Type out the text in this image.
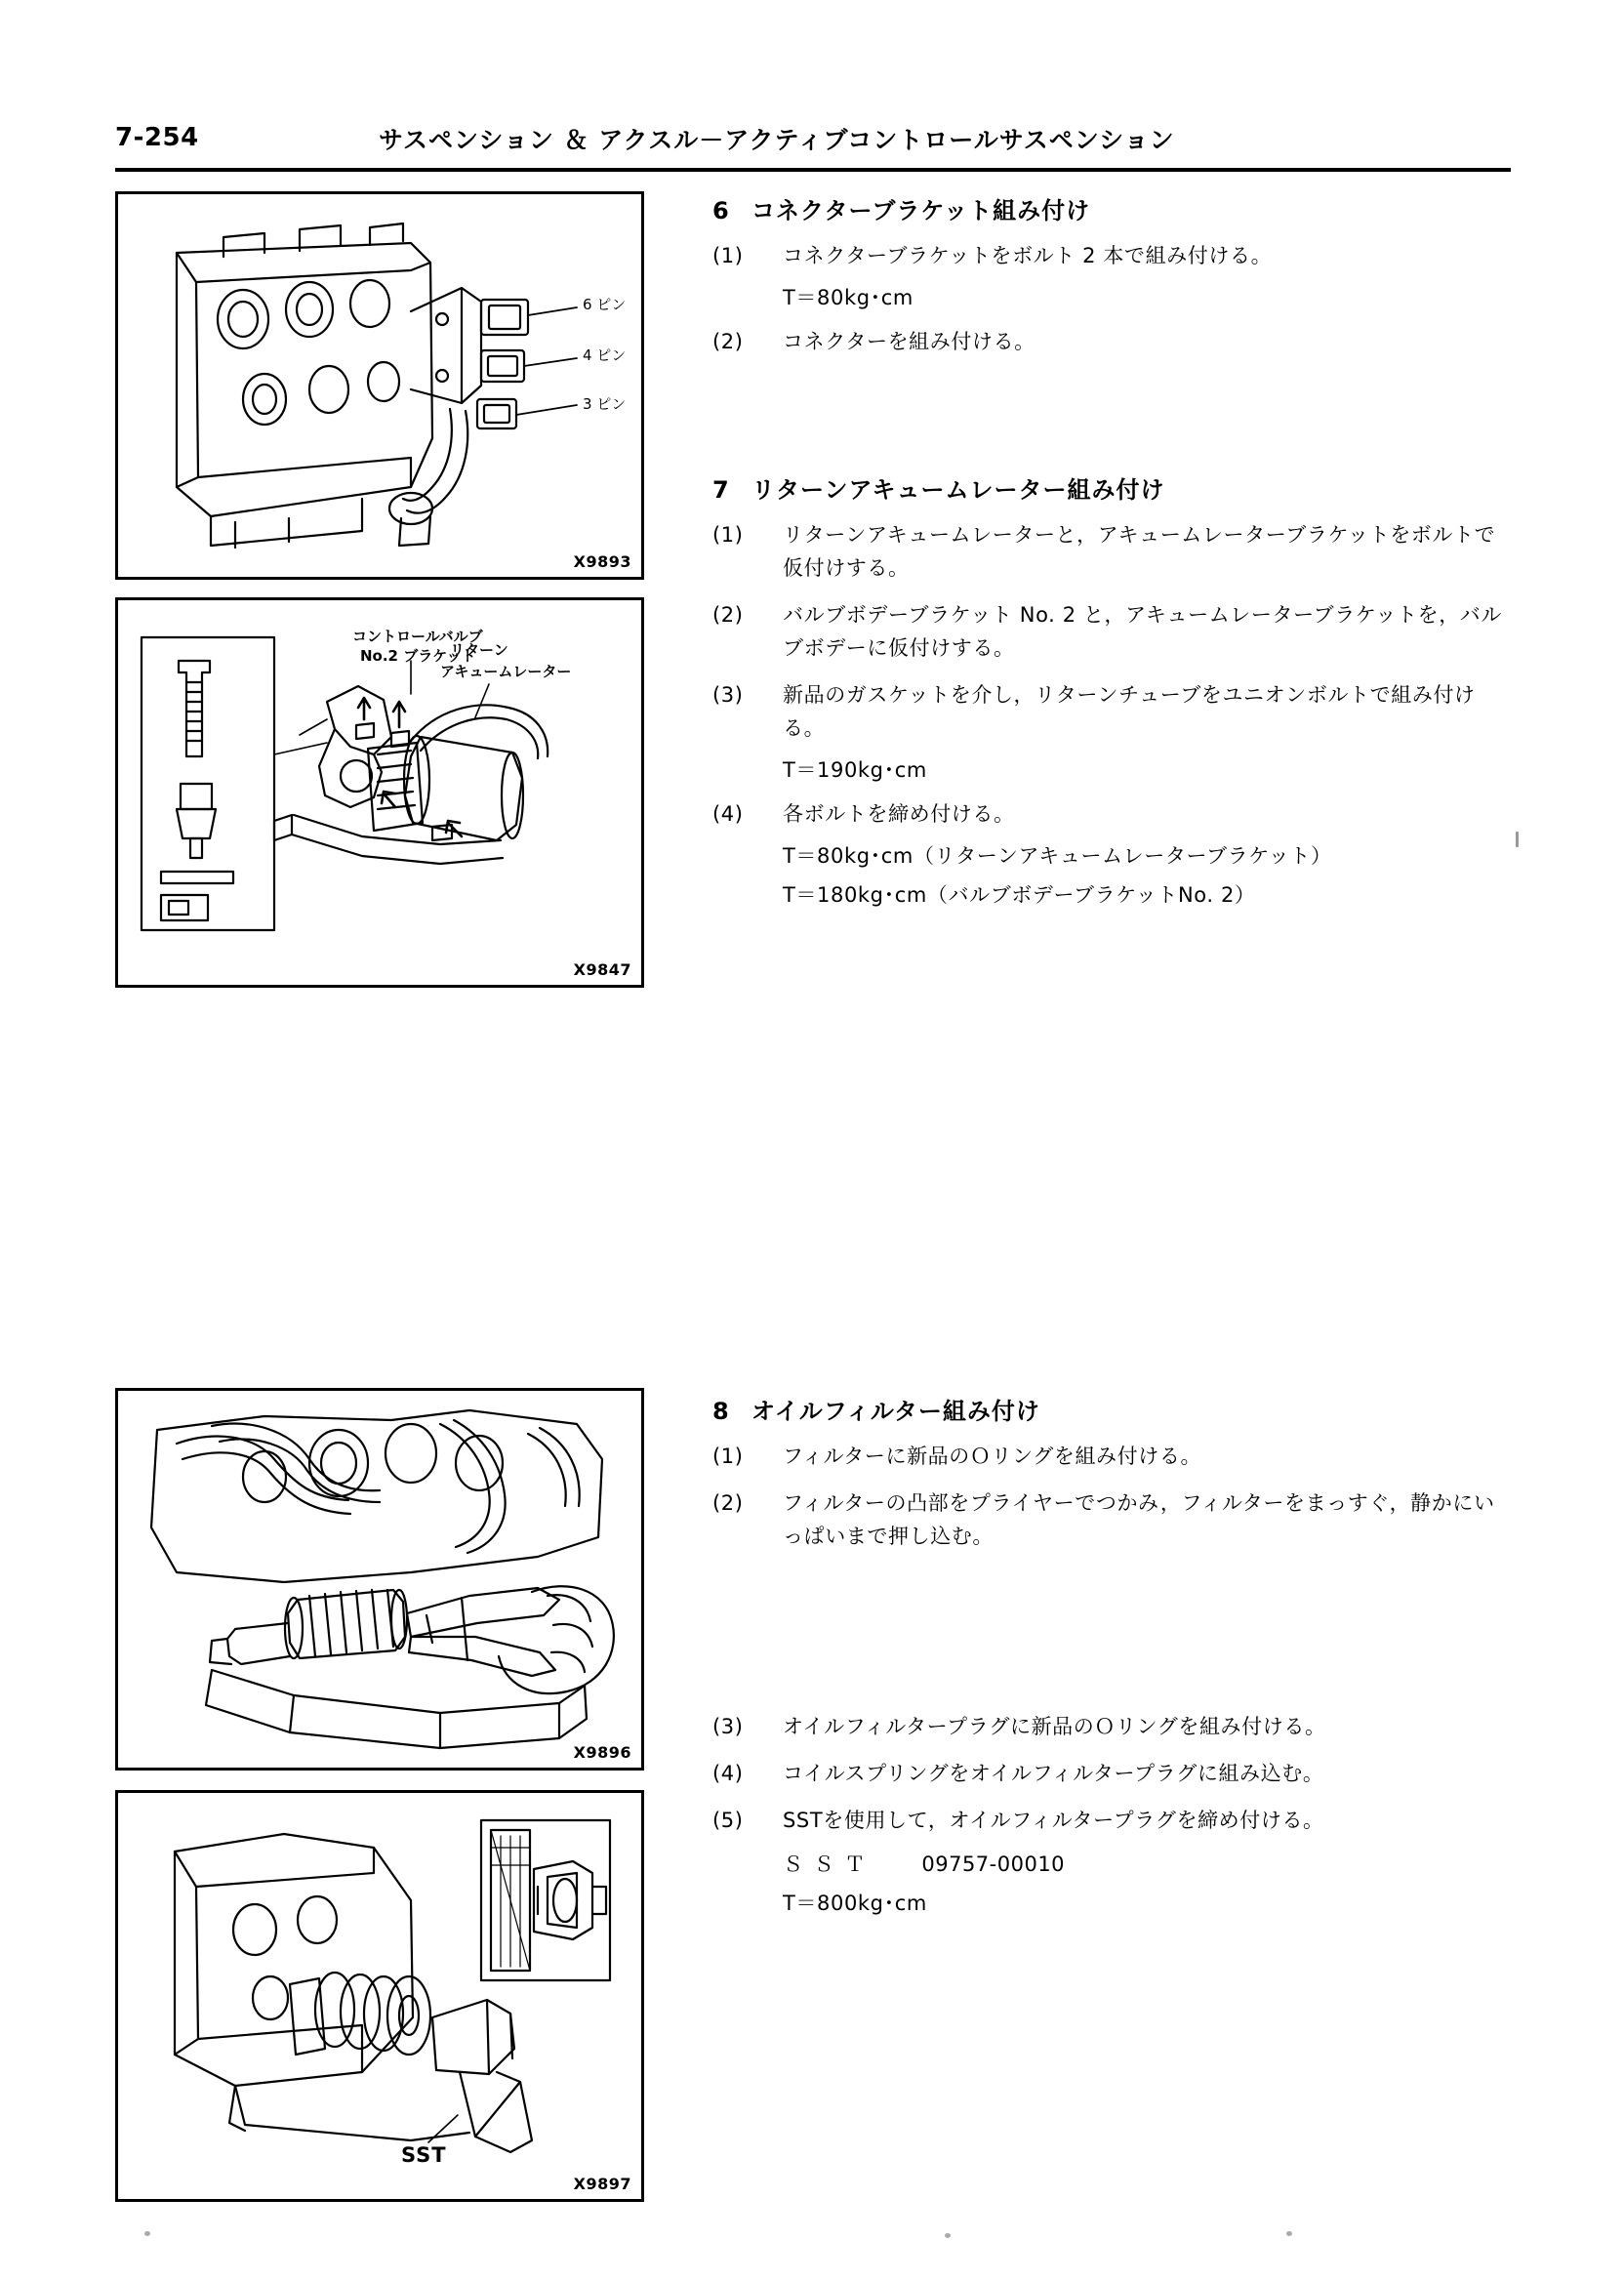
7-254	サスペンション ＆ アクスル－アクティブコントロールサスペンション
6 ピン
4 ピン
3 ピン
X9893
コントロールバルブ
No.2 ブラケット
リターン
アキュームレーター
X9847
X9896
SST
X9897
6 コネクターブラケット組み付け
(1)	コネクターブラケットをボルト 2 本で組み付ける。
T＝80kg･cm
(2)	コネクターを組み付ける。
7 リターンアキュームレーター組み付け
(1)	リターンアキュームレーターと，アキュームレーターブラケットをボルトで仮付けする。
(2)	バルブボデーブラケット No. 2 と，アキュームレーターブラケットを，バルブボデーに仮付けする。
(3)	新品のガスケットを介し，リターンチューブをユニオンボルトで組み付ける。
T＝190kg･cm
(4)	各ボルトを締め付ける。
T＝80kg･cm（リターンアキュームレーターブラケット）
T＝180kg･cm（バルブボデーブラケットNo. 2）
8 オイルフィルター組み付け
(1)	フィルターに新品のＯリングを組み付ける。
(2)	フィルターの凸部をプライヤーでつかみ，フィルターをまっすぐ，静かにいっぱいまで押し込む。
(3)	オイルフィルタープラグに新品のＯリングを組み付ける。
(4)	コイルスプリングをオイルフィルタープラグに組み込む。
(5)	SSTを使用して，オイルフィルタープラグを締め付ける。
Ｓ Ｓ Ｔ	09757-00010
T＝800kg･cm
